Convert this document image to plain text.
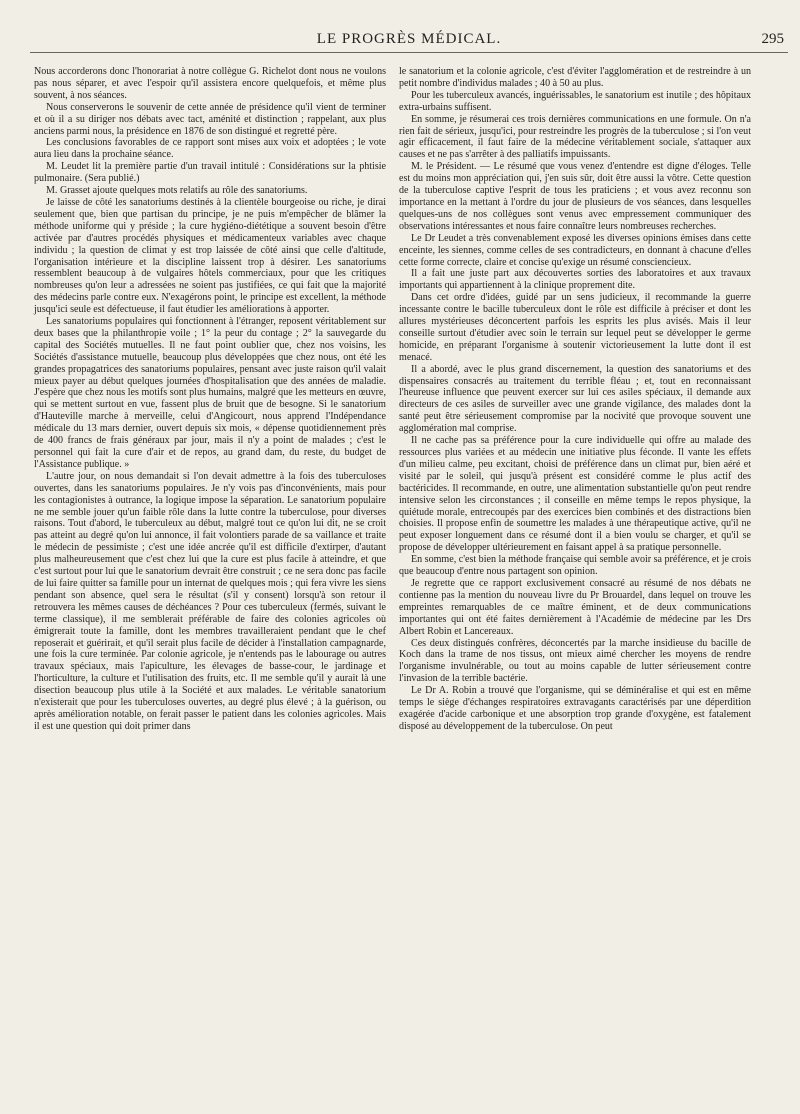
LE PROGRÈS MÉDICAL.	295

Nous accorderons donc l'honorariat à notre collègue G. Richelot dont nous ne voulons pas nous séparer, et avec l'espoir qu'il assistera encore quelquefois, et même plus souvent, à nos séances.

Nous conserverons le souvenir de cette année de présidence qu'il vient de terminer et où il a su diriger nos débats avec tact, aménité et distinction ; rappelant, aux plus anciens parmi nous, la présidence en 1876 de son distingué et regretté père.

Les conclusions favorables de ce rapport sont mises aux voix et adoptées ; le vote aura lieu dans la prochaine séance.

M. Leudet lit la première partie d'un travail intitulé : Considérations sur la phtisie pulmonaire. (Sera publié.)

M. Grasset ajoute quelques mots relatifs au rôle des sanatoriums.

Je laisse de côté les sanatoriums destinés à la clientèle bourgeoise ou riche, je dirai seulement que, bien que partisan du principe, je ne puis m'empêcher de blâmer la méthode uniforme qui y préside ; la cure hygiéno-diététique a souvent besoin d'être activée par d'autres procédés physiques et médicamenteux variables avec chaque individu ; la question de climat y est trop laissée de côté ainsi que celle d'altitude, l'organisation intérieure et la discipline laissent trop à désirer. Les sanatoriums ressemblent beaucoup à de vulgaires hôtels commerciaux, pour que les critiques nombreuses qu'on leur a adressées ne soient pas justifiées, ce qui fait que la majorité des médecins parle contre eux. N'exagérons point, le principe est excellent, la méthode jusqu'ici seule est défectueuse, il faut étudier les améliorations à apporter.

Les sanatoriums populaires qui fonctionnent à l'étranger, reposent véritablement sur deux bases que la philanthropie voile ; 1° la peur du contage ; 2° la sauvegarde du capital des Sociétés mutuelles. Il ne faut point oublier que, chez nos voisins, les Sociétés d'assistance mutuelle, beaucoup plus développées que chez nous, ont été les grandes propagatrices des sanatoriums populaires, pensant avec juste raison qu'il valait mieux payer au début quelques journées d'hospitalisation que des années de maladie. J'espère que chez nous les motifs sont plus humains, malgré que les metteurs en œuvre, qui se mettent surtout en vue, fassent plus de bruit que de besogne. Si le sanatorium d'Hauteville marche à merveille, celui d'Angicourt, nous apprend l'Indépendance médicale du 13 mars dernier, ouvert depuis six mois, « dépense quotidiennement près de 400 francs de frais généraux par jour, mais il n'y a point de malades ; c'est le personnel qui fait la cure d'air et de repos, au grand dam, du reste, du budget de l'Assistance publique. »

L'autre jour, on nous demandait si l'on devait admettre à la fois des tuberculoses ouvertes, dans les sanatoriums populaires. Je n'y vois pas d'inconvénients, mais pour les contagionistes à outrance, la logique impose la séparation. Le sanatorium populaire ne me semble jouer qu'un faible rôle dans la lutte contre la tuberculose, pour diverses raisons. Tout d'abord, le tuberculeux au début, malgré tout ce qu'on lui dit, ne se croit pas atteint au degré qu'on lui annonce, il fait volontiers parade de sa vaillance et traite le médecin de pessimiste ; c'est une idée ancrée qu'il est difficile d'extirper, d'autant plus malheureusement que c'est chez lui que la cure est plus facile à atteindre, et que c'est surtout pour lui que le sanatorium devrait être construit ; ce ne sera donc pas facile de lui faire quitter sa famille pour un internat de quelques mois ; qui fera vivre les siens pendant son absence, quel sera le résultat (s'il y consent) lorsqu'à son retour il retrouvera les mêmes causes de déchéances ? Pour ces tuberculeux (fermés, suivant le terme classique), il me semblerait préférable de faire des colonies agricoles où émigrerait toute la famille, dont les membres travailleraient pendant que le chef reposerait et guérirait, et qu'il serait plus facile de décider à l'installation campagnarde, une fois la cure terminée. Par colonie agricole, je n'entends pas le labourage ou autres travaux spéciaux, mais l'apiculture, les élevages de basse-cour, le jardinage et l'horticulture, la culture et l'utilisation des fruits, etc. Il me semble qu'il y aurait là une disection beaucoup plus utile à la Société et aux malades. Le véritable sanatorium n'existerait que pour les tuberculoses ouvertes, au degré plus élevé ; à la guérison, ou après amélioration notable, on ferait passer le patient dans les colonies agricoles. Mais il est une question qui doit primer dans

le sanatorium et la colonie agricole, c'est d'éviter l'agglomération et de restreindre à un petit nombre d'individus malades ; 40 à 50 au plus.

Pour les tuberculeux avancés, inguérissables, le sanatorium est inutile ; des hôpitaux extra-urbains suffisent.

En somme, je résumerai ces trois dernières communications en une formule. On n'a rien fait de sérieux, jusqu'ici, pour restreindre les progrès de la tuberculose ; si l'on veut agir efficacement, il faut faire de la médecine véritablement sociale, s'attaquer aux causes et ne pas s'arrêter à des palliatifs impuissants.

M. le Président. — Le résumé que vous venez d'entendre est digne d'éloges. Telle est du moins mon appréciation qui, j'en suis sûr, doit être aussi la vôtre. Cette question de la tuberculose captive l'esprit de tous les praticiens ; et vous avez reconnu son importance en la mettant à l'ordre du jour de plusieurs de vos séances, dans lesquelles quelques-uns de nos collègues sont venus avec empressement communiquer des observations intéressantes et nous faire connaître leurs nombreuses recherches.

Le Dr Leudet a très convenablement exposé les diverses opinions émises dans cette enceinte, les siennes, comme celles de ses contradicteurs, en donnant à chacune d'elles cette forme correcte, claire et concise qu'exige un résumé consciencieux.

Il a fait une juste part aux découvertes sorties des laboratoires et aux travaux importants qui appartiennent à la clinique proprement dite.

Dans cet ordre d'idées, guidé par un sens judicieux, il recommande la guerre incessante contre le bacille tuberculeux dont le rôle est difficile à préciser et dont les allures mystérieuses déconcertent parfois les esprits les plus avisés. Mais il leur conseille surtout d'étudier avec soin le terrain sur lequel peut se développer le germe homicide, en préparant l'organisme à soutenir victorieusement la lutte dont il est menacé.

Il a abordé, avec le plus grand discernement, la question des sanatoriums et des dispensaires consacrés au traitement du terrible fléau ; et, tout en reconnaissant l'heureuse influence que peuvent exercer sur lui ces asiles spéciaux, il demande aux directeurs de ces asiles de surveiller avec une grande vigilance, des malades dont la santé peut être sérieusement compromise par la nocivité que provoque souvent une agglomération mal comprise.

Il ne cache pas sa préférence pour la cure individuelle qui offre au malade des ressources plus variées et au médecin une initiative plus féconde. Il vante les effets d'un milieu calme, peu excitant, choisi de préférence dans un climat pur, bien aéré et visité par le soleil, qui jusqu'à présent est considéré comme le plus actif des bactéricides. Il recommande, en outre, une alimentation substantielle qu'on peut rendre intensive selon les circonstances ; il conseille en même temps le repos physique, la quiétude morale, entrecoupés par des exercices bien combinés et des distractions bien choisies. Il propose enfin de soumettre les malades à une thérapeutique active, qu'il ne peut exposer longuement dans ce résumé dont il a bien voulu se charger, et qu'il se propose de développer ultérieurement en faisant appel à sa pratique personnelle.

En somme, c'est bien la méthode française qui semble avoir sa préférence, et je crois que beaucoup d'entre nous partagent son opinion.

Je regrette que ce rapport exclusivement consacré au résumé de nos débats ne contienne pas la mention du nouveau livre du Pr Brouardel, dans lequel on trouve les empreintes remarquables de ce maître éminent, et de deux communications importantes qui ont été faites dernièrement à l'Académie de médecine par les Drs Albert Robin et Lancereaux.

Ces deux distingués confrères, déconcertés par la marche insidieuse du bacille de Koch dans la trame de nos tissus, ont mieux aimé chercher les moyens de rendre l'organisme invulnérable, ou tout au moins capable de lutter sérieusement contre l'invasion de la terrible bactérie.

Le Dr A. Robin a trouvé que l'organisme, qui se déminéralise et qui est en même temps le siège d'échanges respiratoires extravagants caractérisés par une déperdition exagérée d'acide carbonique et une absorption trop grande d'oxygène, est fatalement disposé au développement de la tuberculose. On peut
